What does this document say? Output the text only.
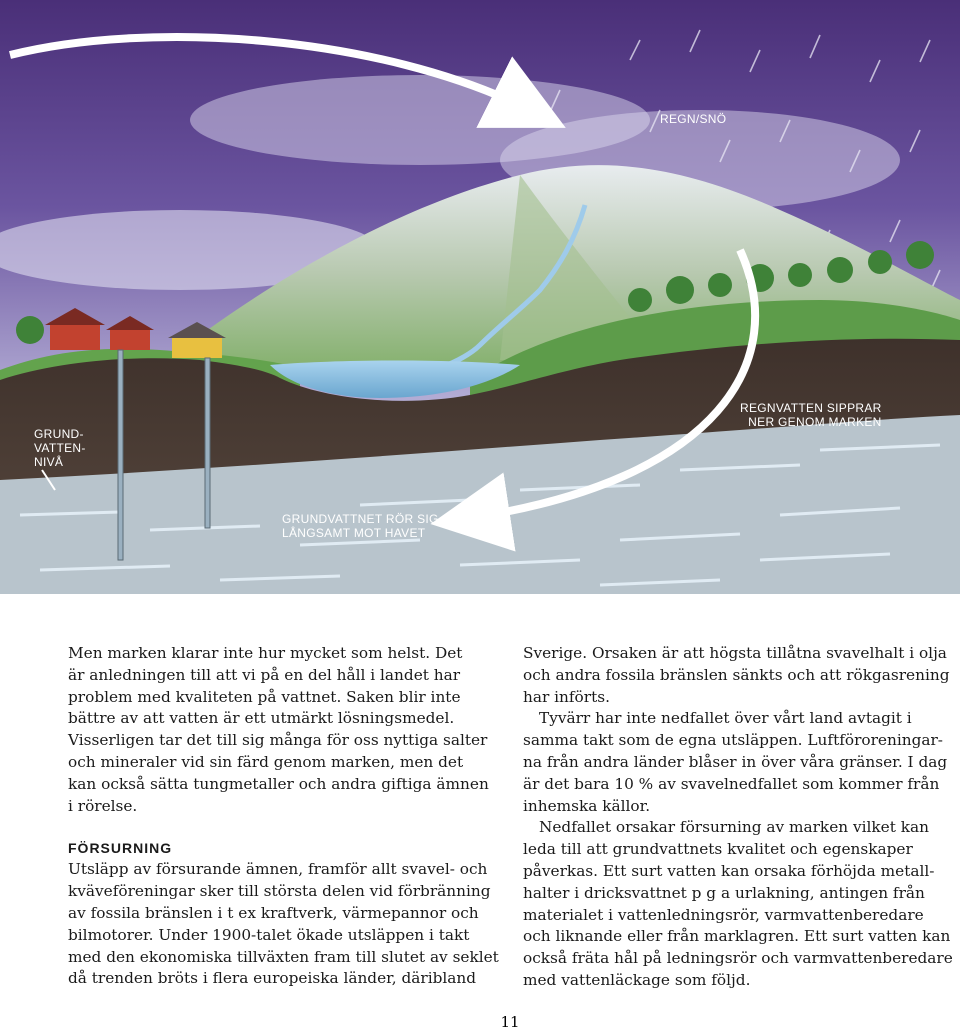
REGN/SNÖ
REGNVATTEN SIPPRAR
NER GENOM MARKEN
GRUNDVATTNET RÖR SIG
LÅNGSAMT MOT HAVET
GRUND-
VATTEN-
NIVÅ

Men marken klarar inte hur mycket som helst. Det
är anledningen till att vi på en del håll i landet har
problem med kvaliteten på vattnet. Saken blir inte
bättre av att vatten är ett utmärkt lösningsmedel.
Visserligen tar det till sig många för oss nyttiga salter
och mineraler vid sin färd genom marken, men det
kan också sätta tungmetaller och andra giftiga ämnen
i rörelse.

FÖRSURNING

Utsläpp av försurande ämnen, framför allt svavel- och
kväveföreningar sker till största delen vid förbränning
av fossila bränslen i t ex kraftverk, värmepannor och
bilmotorer. Under 1900-talet ökade utsläppen i takt
med den ekonomiska tillväxten fram till slutet av seklet
då trenden bröts i flera europeiska länder, däribland

Sverige. Orsaken är att högsta tillåtna svavelhalt i olja
och andra fossila bränslen sänkts och att rökgasrening
har införts.

Tyvärr har inte nedfallet över vårt land avtagit i

samma takt som de egna utsläppen. Luftföroreningar-
na från andra länder blåser in över våra gränser. I dag
är det bara 10 % av svavelnedfallet som kommer från
inhemska källor.

Nedfallet orsakar försurning av marken vilket kan

leda till att grundvattnets kvalitet och egenskaper
påverkas. Ett surt vatten kan orsaka förhöjda metall-
halter i dricksvattnet p g a urlakning, antingen från
materialet i vattenledningsrör, varmvattenberedare
och liknande eller från marklagren. Ett surt vatten kan
också fräta hål på ledningsrör och varmvattenberedare
med vattenläckage som följd.

11
